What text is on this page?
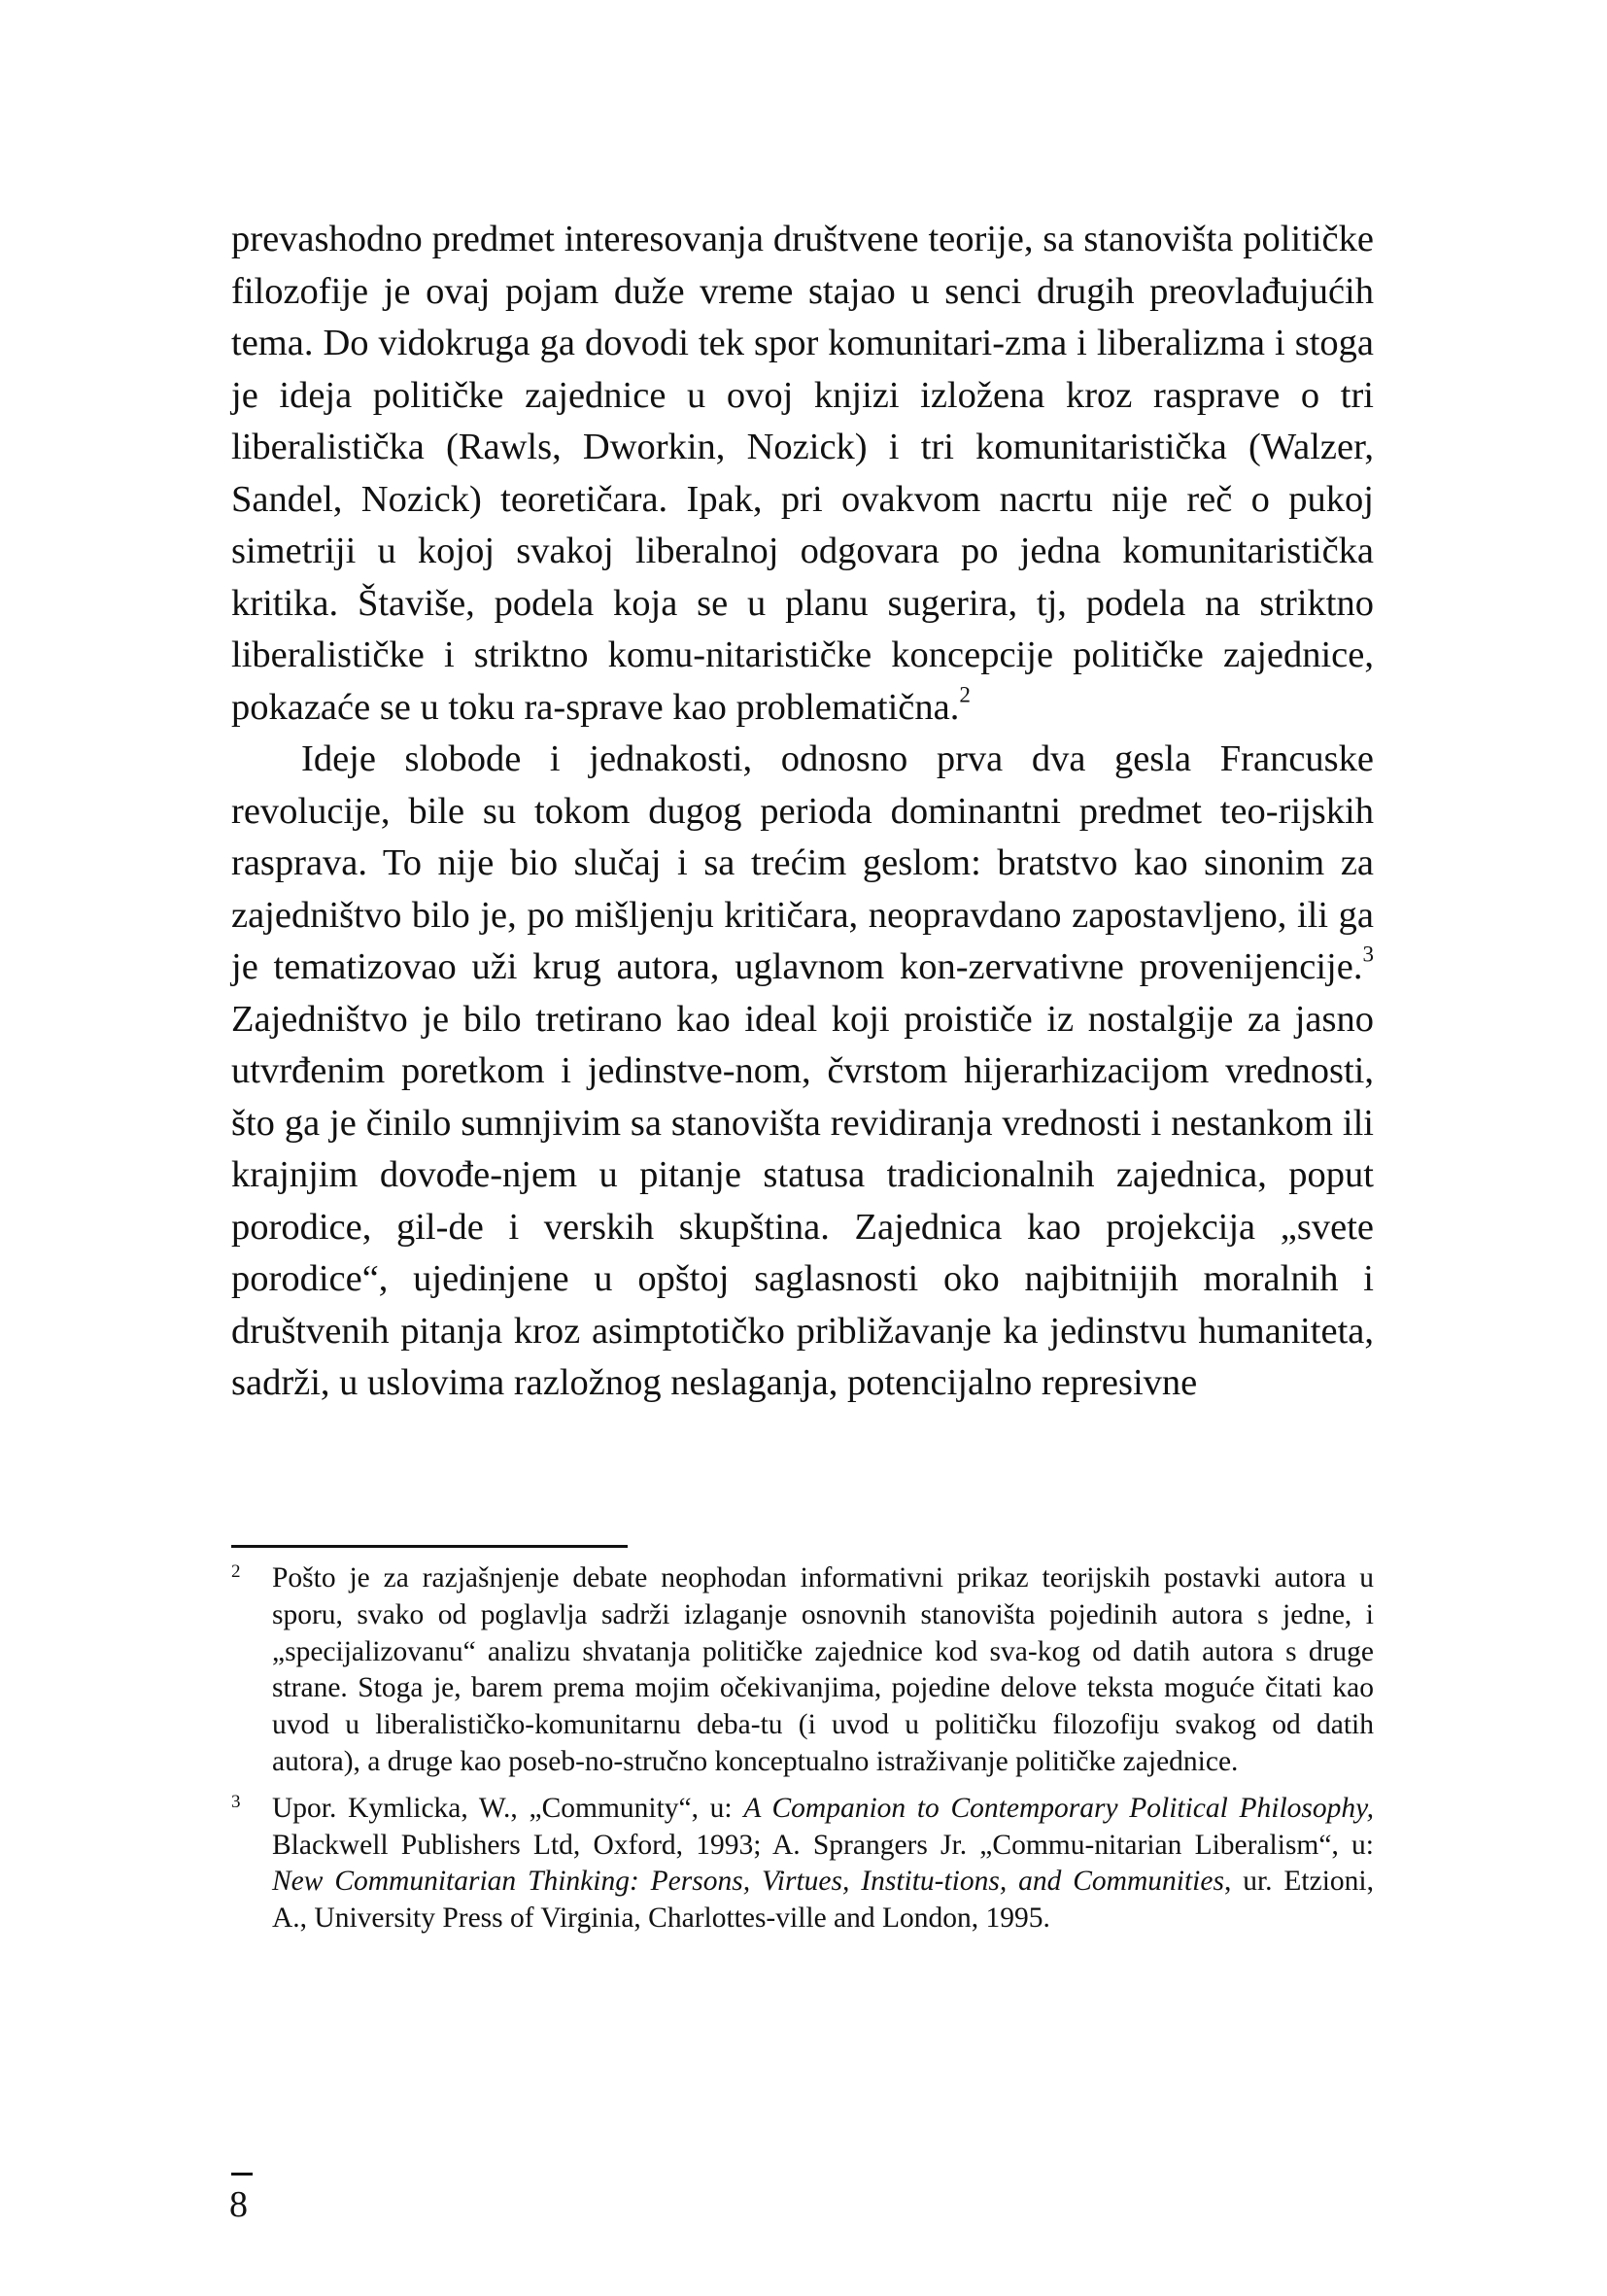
prevashodno predmet interesovanja društvene teorije, sa stanovišta političke filozofije je ovaj pojam duže vreme stajao u senci drugih preovlađujućih tema. Do vidokruga ga dovodi tek spor komunitari-zma i liberalizma i stoga je ideja političke zajednice u ovoj knjizi izložena kroz rasprave o tri liberalistička (Rawls, Dworkin, Nozick) i tri komunitaristička (Walzer, Sandel, Nozick) teoretičara. Ipak, pri ovakvom nacrtu nije reč o pukoj simetriji u kojoj svakoj liberalnoj odgovara po jedna komunitaristička kritika. Štaviše, podela koja se u planu sugerira, tj, podela na striktno liberalističke i striktno komu-nitarističke koncepcije političke zajednice, pokazaće se u toku ra-sprave kao problematična.$^2$

Ideje slobode i jednakosti, odnosno prva dva gesla Francuske revolucije, bile su tokom dugog perioda dominantni predmet teo-rijskih rasprava. To nije bio slučaj i sa trećim geslom: bratstvo kao sinonim za zajedništvo bilo je, po mišljenju kritičara, neopravdano zapostavljeno, ili ga je tematizovao uži krug autora, uglavnom kon-zervativne provenijencije.$^3$ Zajedništvo je bilo tretirano kao ideal koji proističe iz nostalgije za jasno utvrđenim poretkom i jedinstve-nom, čvrstom hijerarhizacijom vrednosti, što ga je činilo sumnjivim sa stanovišta revidiranja vrednosti i nestankom ili krajnjim dovođe-njem u pitanje statusa tradicionalnih zajednica, poput porodice, gil-de i verskih skupština. Zajednica kao projekcija „svete porodice“, ujedinjene u opštoj saglasnosti oko najbitnijih moralnih i društvenih pitanja kroz asimptotičko približavanje ka jedinstvu humaniteta, sadrži, u uslovima razložnog neslaganja, potencijalno represivne

2 Pošto je za razjašnjenje debate neophodan informativni prikaz teorijskih postavki autora u sporu, svako od poglavlja sadrži izlaganje osnovnih stanovišta pojedinih autora s jedne, i „specijalizovanu“ analizu shvatanja političke zajednice kod sva-kog od datih autora s druge strane. Stoga je, barem prema mojim očekivanjima, pojedine delove teksta moguće čitati kao uvod u liberalističko-komunitarnu deba-tu (i uvod u političku filozofiju svakog od datih autora), a druge kao poseb-no-stručno konceptualno istraživanje političke zajednice.
3 Upor. Kymlicka, W., „Community“, u: A Companion to Contemporary Political Philosophy, Blackwell Publishers Ltd, Oxford, 1993; A. Sprangers Jr. „Commu-nitarian Liberalism“, u: New Communitarian Thinking: Persons, Virtues, Institu-tions, and Communities, ur. Etzioni, A., University Press of Virginia, Charlottes-ville and London, 1995.
8
